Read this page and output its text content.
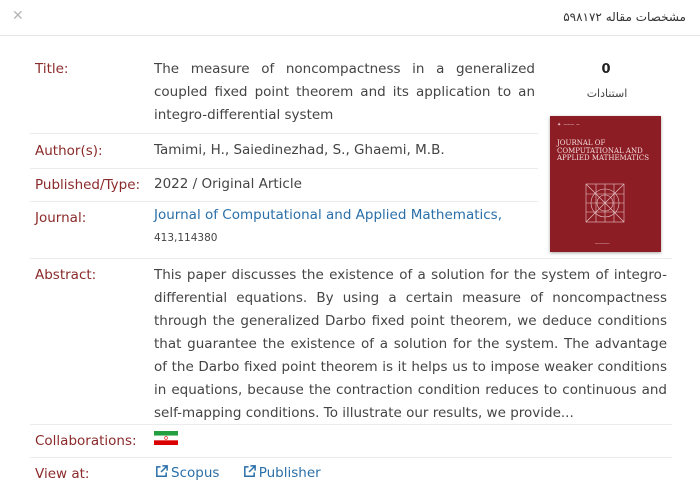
✕	مشخصات مقاله ۵۹۸۱۷۲
Title:	The measure of noncompactness in a generalized coupled fixed point theorem and its application to an integro-differential system
Author(s):	Tamimi, H., Saiedinezhad, S., Ghaemi, M.B.
Published/Type: 2022 / Original Article
Journal:	Journal of Computational and Applied Mathematics,
413,114380
0
استنادات
✦ ─── ─
JOURNAL OF COMPUTATIONAL AND APPLIED MATHEMATICS
──────
Abstract:	This paper discusses the existence of a solution for the system of integro-differential equations. By using a certain measure of noncompactness through the generalized Darbo fixed point theorem, we deduce conditions that guarantee the existence of a solution for the system. The advantage of the Darbo fixed point theorem is it helps us to impose weaker conditions in equations, because the contraction condition reduces to continuous and self-mapping conditions. To illustrate our results, we provide...
Collaborations:
View at:	Scopus	Publisher
